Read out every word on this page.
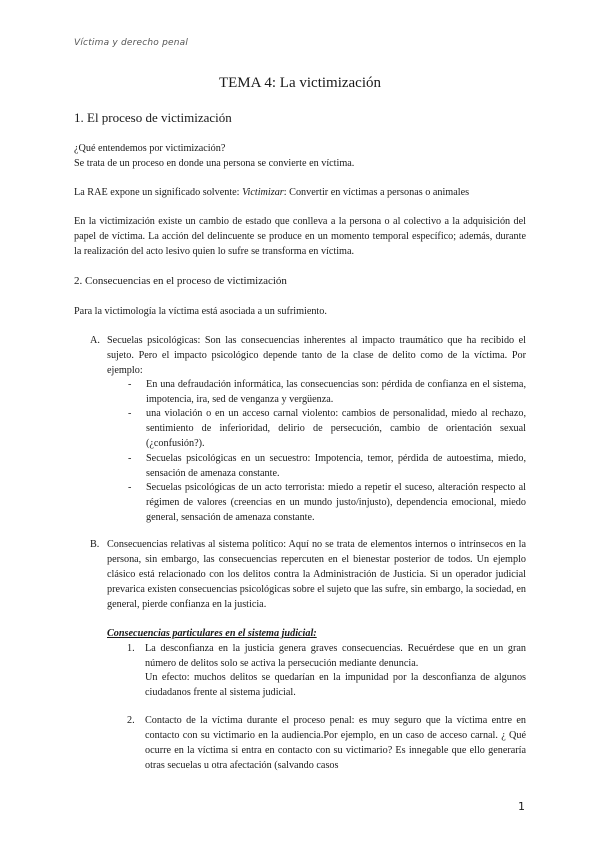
Víctima y derecho penal
TEMA 4: La victimización
1. El proceso de victimización
¿Qué entendemos por victimización?
Se trata de un proceso en donde una persona se convierte en víctima.
La RAE expone un significado solvente: Victimizar: Convertir en víctimas a personas o animales
En la victimización existe un cambio de estado que conlleva a la persona o al colectivo a la adquisición del papel de víctima. La acción del delincuente se produce en un momento temporal específico; además, durante la realización del acto lesivo quien lo sufre se transforma en víctima.
2. Consecuencias en el proceso de victimización
Para la victimología la víctima está asociada a un sufrimiento.
A. Secuelas psicológicas: Son las consecuencias inherentes al impacto traumático que ha recibido el sujeto. Pero el impacto psicológico depende tanto de la clase de delito como de la víctima. Por ejemplo:
- En una defraudación informática, las consecuencias son: pérdida de confianza en el sistema, impotencia, ira, sed de venganza y vergüenza.
- una violación o en un acceso carnal violento: cambios de personalidad, miedo al rechazo, sentimiento de inferioridad, delirio de persecución, cambio de orientación sexual (¿confusión?).
- Secuelas psicológicas en un secuestro: Impotencia, temor, pérdida de autoestima, miedo, sensación de amenaza constante.
- Secuelas psicológicas de un acto terrorista: miedo a repetir el suceso, alteración respecto al régimen de valores (creencias en un mundo justo/injusto), dependencia emocional, miedo general, sensación de amenaza constante.
B. Consecuencias relativas al sistema político: Aquí no se trata de elementos internos o intrínsecos en la persona, sin embargo, las consecuencias repercuten en el bienestar posterior de todos. Un ejemplo clásico está relacionado con los delitos contra la Administración de Justicia. Si un operador judicial prevarica existen consecuencias psicológicas sobre el sujeto que las sufre, sin embargo, la sociedad, en general, pierde confianza en la justicia.
Consecuencias particulares en el sistema judicial:
1. La desconfianza en la justicia genera graves consecuencias. Recuérdese que en un gran número de delitos solo se activa la persecución mediante denuncia.
Un efecto: muchos delitos se quedarían en la impunidad por la desconfianza de algunos ciudadanos frente al sistema judicial.
2. Contacto de la víctima durante el proceso penal: es muy seguro que la víctima entre en contacto con su victimario en la audiencia.Por ejemplo, en un caso de acceso carnal. ¿ Qué ocurre en la víctima si entra en contacto con su victimario? Es innegable que ello generaría otras secuelas u otra afectación (salvando casos
1
